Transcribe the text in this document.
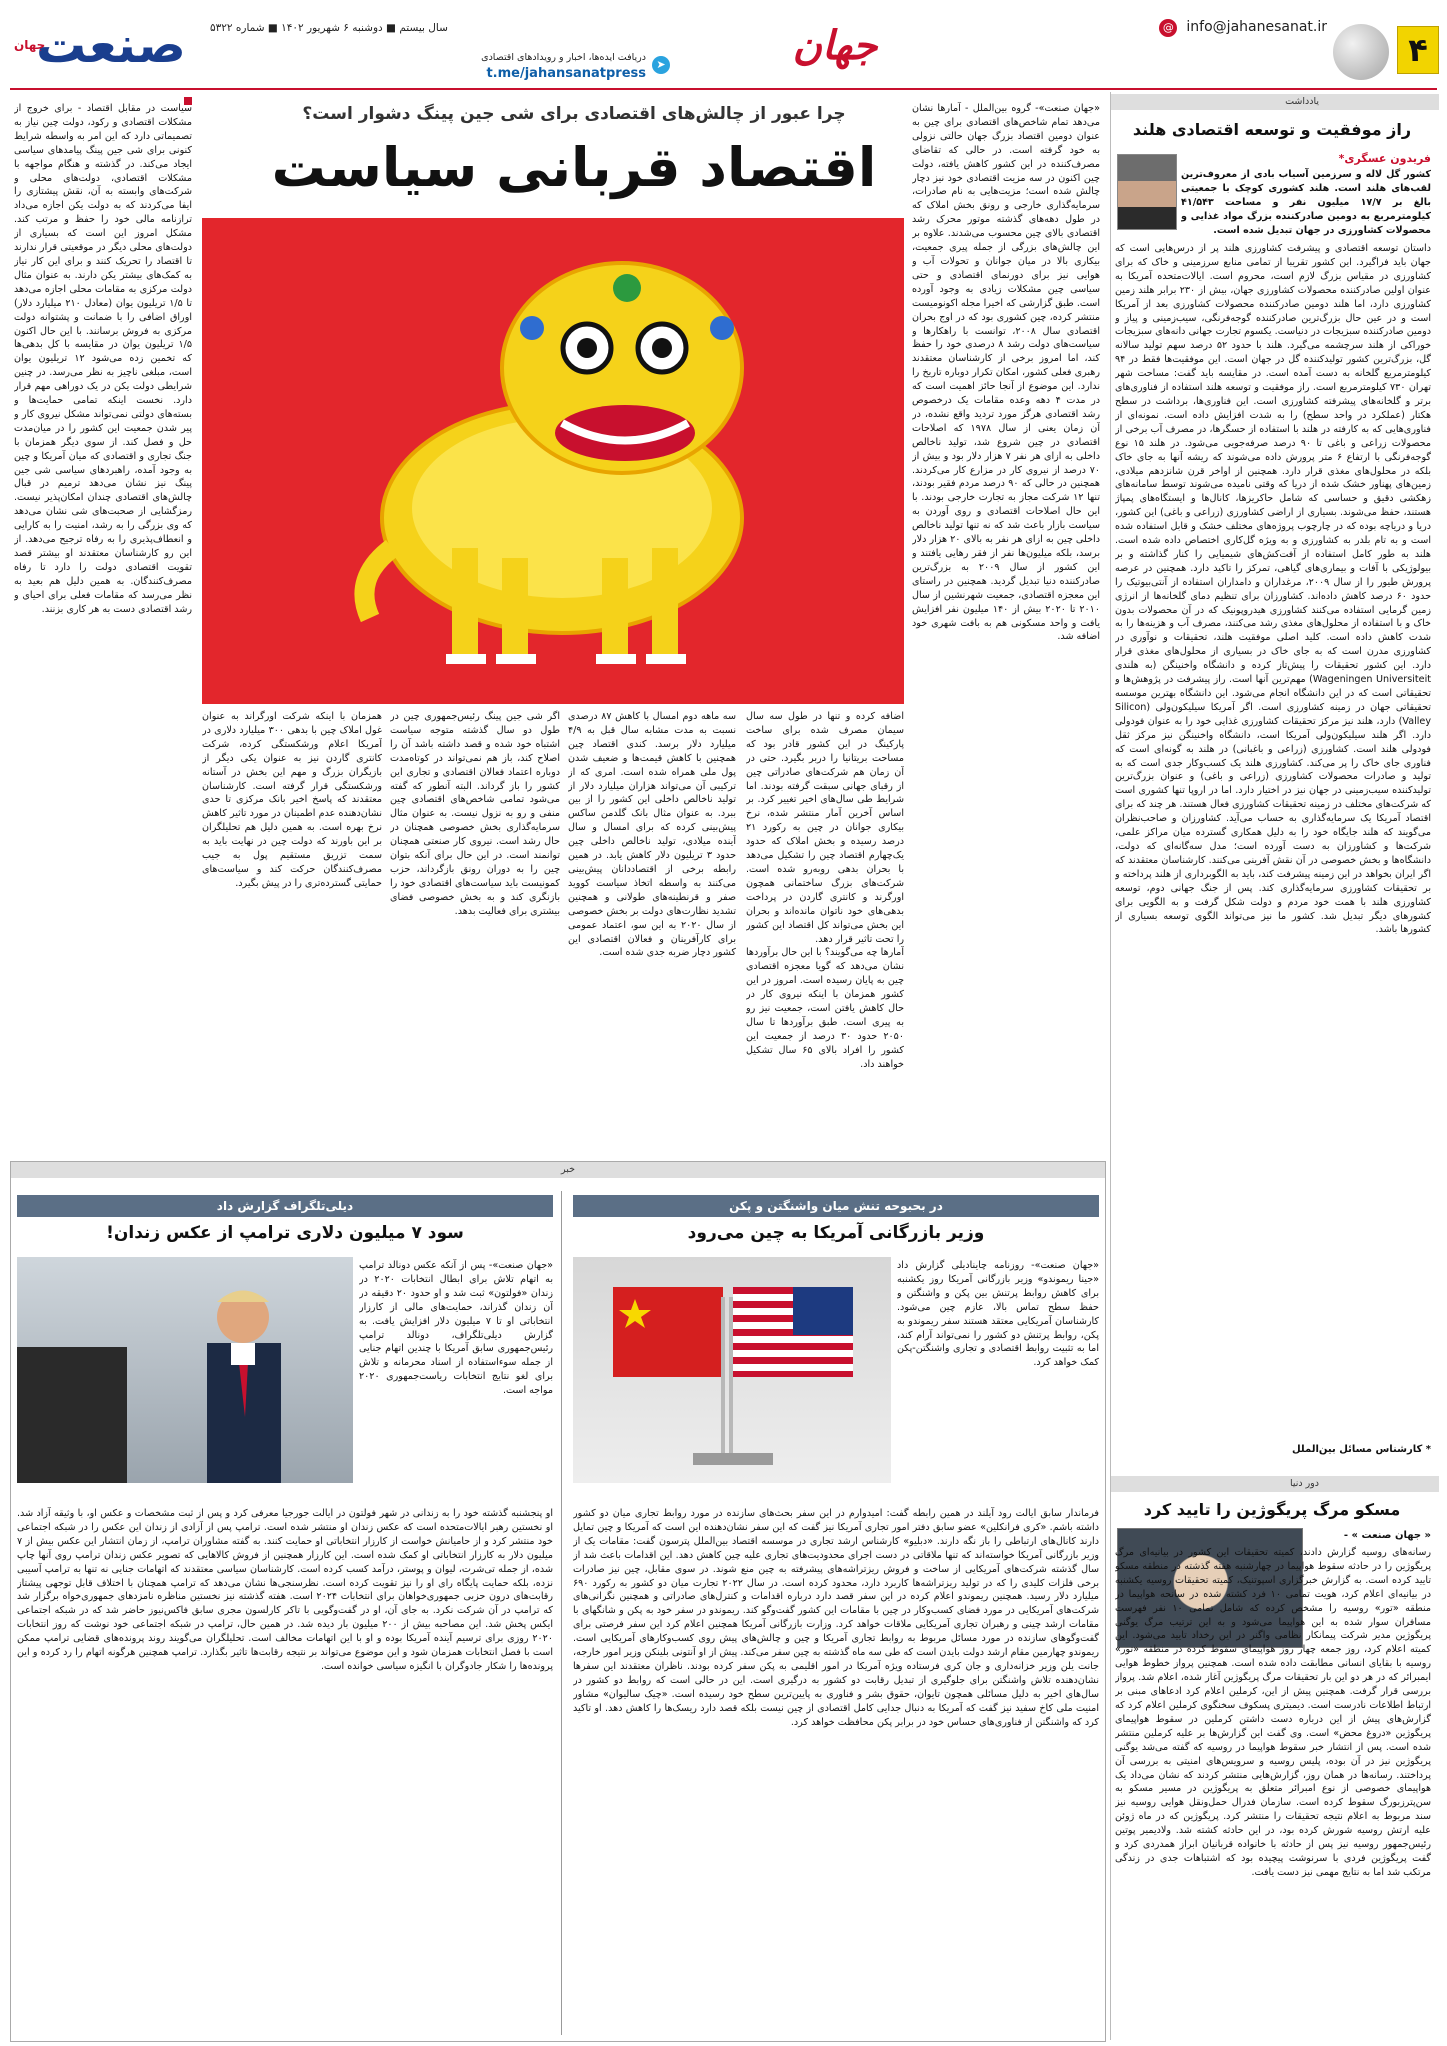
۴
info@jahanesanat.ir @
جهان
دریافت ایده‌ها، اخبار و رویدادهای اقتصادی
t.me/jahansanatpress
➤
سال بیستم ■ دوشنبه ۶ شهریور ۱۴۰۲ ■ شماره ۵۳۲۲
صنعت
جهان
یادداشت
راز موفقیت و توسعه اقتصادی هلند
فریدون عسگری*
کشور گل لاله و سرزمین آسیاب بادی از معروف‌ترین لقب‌های هلند است. هلند کشوری کوچک با جمعیتی بالغ بر ۱۷/۷ میلیون نفر و مساحت ۴۱/۵۴۳ کیلومترمربع به دومین صادرکننده بزرگ مواد غذایی و محصولات کشاورزی در جهان تبدیل شده است.
داستان توسعه اقتصادی و پیشرفت کشاورزی هلند پر از درس‌هایی است که جهان باید فراگیرد. این کشور تقریبا از تمامی منابع سرزمینی و خاک که برای کشاورزی در مقیاس بزرگ لازم است، محروم است. ایالات‌متحده آمریکا به عنوان اولین صادرکننده محصولات کشاورزی جهان، بیش از ۲۳۰ برابر هلند زمین کشاورزی دارد، اما هلند دومین صادرکننده محصولات کشاورزی بعد از آمریکا است و در عین حال بزرگ‌ترین صادرکننده گوجه‌فرنگی، سیب‌زمینی و پیاز و دومین صادرکننده سبزیجات در دنیاست. یکسوم تجارت جهانی دانه‌های سبزیجات خوراکی از هلند سرچشمه می‌گیرد. هلند با حدود ۵۲ درصد سهم تولید سالانه گل، بزرگ‌ترین کشور تولیدکننده گل در جهان است. این موفقیت‌ها فقط در ۹۴ کیلومترمربع گلخانه به دست آمده است. در مقایسه باید گفت: مساحت شهر تهران ۷۳۰ کیلومترمربع است. راز موفقیت و توسعه هلند استفاده از فناوری‌های برتر و گلخانه‌های پیشرفته کشاورزی است. این فناوری‌ها، برداشت در سطح هکتار (عملکرد در واحد سطح) را به شدت افزایش داده است. نمونه‌ای از فناوری‌هایی که به کارفته در هلند با استفاده از حسگرها، در مصرف آب برخی از محصولات زراعی و باغی تا ۹۰ درصد صرفه‌جویی می‌شود. در هلند ۱۵ نوع گوجه‌فرنگی با ارتفاع ۶ متر پرورش داده می‌شوند که ریشه آنها به جای خاک بلکه در محلول‌های مغذی قرار دارد. همچنین از اواخر قرن شانزدهم میلادی، زمین‌های پهناور خشک شده از دریا که وقتی نامیده می‌شوند توسط سامانه‌های زهکشی دقیق و حساسی که شامل حاکریزها، کانال‌ها و ایستگاه‌های پمپاژ هستند، حفظ می‌شوند. بسیاری از اراضی کشاورزی (زراعی و باغی) این کشور، دریا و دریاچه بوده که در چارچوب پروژه‌های مختلف خشک و قابل استفاده شده است و به تام بلدر به کشاورزی و به ویژه گل‌کاری اختصاص داده شده است. هلند به طور کامل استفاده از آفت‌کش‌های شیمیایی را کنار گذاشته و بر بیولوژیکی با آفات و بیماری‌های گیاهی، تمرکز را تاکید دارد. همچنین در عرصه پرورش طیور را از سال ۲۰۰۹، مرغداران و دامداران استفاده از آنتی‌بیوتیک را حدود ۶۰ درصد کاهش داده‌اند. کشاورزان برای تنظیم دمای گلخانه‌ها از انرژی زمین گرمایی استفاده می‌کنند کشاورزی هیدروپونیک که در آن محصولات بدون خاک و با استفاده از محلول‌های مغذی رشد می‌کنند، مصرف آب و هزینه‌ها را به شدت کاهش داده است. کلید اصلی موفقیت هلند، تحقیقات و نوآوری در کشاورزی مدرن است که به جای خاک در بسیاری از محلول‌های مغذی قرار دارد. این کشور تحقیقات را پیش‌تاز کرده و دانشگاه واخنینگن (به هلندی Wageningen Universiteit) مهم‌ترین آنها است. راز پیشرفت در پژوهش‌ها و تحقیقاتی است که در این دانشگاه انجام می‌شود. این دانشگاه بهترین موسسه تحقیقاتی جهان در زمینه کشاورزی است. اگر آمریکا سیلیکون‌ولی (Silicon Valley) دارد، هلند نیز مرکز تحقیقات کشاورزی غذایی خود را به عنوان فودولی دارد. اگر هلند سیلیکون‌ولی آمریکا است، دانشگاه واخنینگن نیز مرکز ثقل فودولی هلند است. کشاورزی (زراعی و باغبانی) در هلند به گونه‌ای است که فناوری جای خاک را پر می‌کند. کشاورزی هلند یک کسب‌وکار جدی است که به تولید و صادرات محصولات کشاورزی (زراعی و باغی) و عنوان بزرگ‌ترین تولیدکننده سیب‌زمینی در جهان نیز در اختیار دارد. اما در اروپا تنها کشوری است که شرکت‌های مختلف در زمینه تحقیقات کشاورزی فعال هستند. هر چند که برای اقتصاد آمریکا یک سرمایه‌گذاری به حساب می‌آید. کشاورزان و صاحب‌نظران می‌گویند که هلند جایگاه خود را به دلیل همکاری گسترده میان مراکز علمی، شرکت‌ها و کشاورزان به دست آورده است؛ مدل سه‌گانه‌ای که دولت، دانشگاه‌ها و بخش خصوصی در آن نقش آفرینی می‌کنند. کارشناسان معتقدند که اگر ایران بخواهد در این زمینه پیشرفت کند، باید به الگوبرداری از هلند پرداخته و بر تحقیقات کشاورزی سرمایه‌گذاری کند. پس از جنگ جهانی دوم، توسعه کشاورزی هلند با همت خود مردم و دولت شکل گرفت و به الگویی برای کشورهای دیگر تبدیل شد. کشور ما نیز می‌تواند الگوی توسعه بسیاری از کشورها باشد.
* کارشناس مسائل بین‌الملل
دور دنیا
مسکو مرگ پریگوژین را تایید کرد
« جهان صنعت » -
رسانه‌های روسیه گزارش دادند، کمیته تحقیقات این کشور در بیانیه‌ای مرگ پریگوژین را در حادثه سقوط هواپیما در چهارشنبه هفته گذشته در منطقه مسکو تایید کرده است. به گزارش خبرگزاری اسپوتنیک، کمیته تحقیقات روسیه یکشنبه در بیانیه‌ای اعلام کرد، هویت تمامی ۱۰ فرد کشته شده در سانحه هواپیما در منطقه «تور» روسیه را مشخص کرده که شامل تمامی ۱۰ نفر فهرست مسافران سوار شده به این هواپیما می‌شود و به این ترتیب مرگ یوگنی پریگوژین مدیر شرکت پیمانکار نظامی واگنر در این رخداد تایید می‌شود. این کمیته اعلام کرد، روز جمعه چهار روز هواپیمای سقوط کرده در منطقه «تور» روسیه با بقایای انسانی مطابقت داده شده است. همچنین پرواز خطوط هوایی ایمبرائر که در هر دو این بار تحقیقات مرگ پریگوژین آغاز شده، اعلام شد. پرواز بررسی قرار گرفت. همچنین پیش از این، کرملین اعلام کرد ادعاهای مبنی بر ارتباط اطلاعات نادرست است. دیمیتری پسکوف سخنگوی کرملین اعلام کرد که گزارش‌های پیش از این درباره دست داشتن کرملین در سقوط هواپیمای پریگوژین «دروغ محض» است. وی گفت این گزارش‌ها بر علیه کرملین منتشر شده است. پس از انتشار خبر سقوط هواپیما در روسیه که گفته می‌شد یوگنی پریگوژین نیز در آن بوده، پلیس روسیه و سرویس‌های امنیتی به بررسی آن پرداختند. رسانه‌ها در همان روز، گزارش‌هایی منتشر کردند که نشان می‌داد یک هواپیمای خصوصی از نوع امبرائر متعلق به پریگوژین در مسیر مسکو به سن‌پترزبورگ سقوط کرده است. سازمان فدرال حمل‌ونقل هوایی روسیه نیز سند مربوط به اعلام نتیجه تحقیقات را منتشر کرد. پریگوژین که در ماه ژوئن علیه ارتش روسیه شورش کرده بود، در این حادثه کشته شد. ولادیمیر پوتین رئیس‌جمهور روسیه نیز پس از حادثه با خانواده قربانیان ابراز همدردی کرد و گفت پریگوژین فردی با سرنوشت پیچیده بود که اشتباهات جدی در زندگی مرتکب شد اما به نتایج مهمی نیز دست یافت.
چرا عبور از چالش‌های اقتصادی برای شی جین پینگ دشوار است؟
اقتصاد قربانی سیاست
«جهان صنعت»- گروه بین‌الملل - آمارها نشان می‌دهد تمام شاخص‌های اقتصادی برای چین به عنوان دومین اقتصاد بزرگ جهان حالتی نزولی به خود گرفته است. در حالی که تقاضای مصرف‌کننده در این کشور کاهش یافته، دولت چین اکنون در سه مزیت اقتصادی خود نیز دچار چالش شده است؛ مزیت‌هایی به نام صادرات، سرمایه‌گذاری خارجی و رونق بخش املاک که در طول دهه‌های گذشته موتور محرک رشد اقتصادی بالای چین محسوب می‌شدند. علاوه بر این چالش‌های بزرگی از جمله پیری جمعیت، بیکاری بالا در میان جوانان و تحولات آب و هوایی نیز برای دورنمای اقتصادی و حتی سیاسی چین مشکلات زیادی به وجود آورده است. طبق گزارشی که اخیرا مجله اکونومیست منتشر کرده، چین کشوری بود که در اوج بحران اقتصادی سال ۲۰۰۸، توانست با راهکارها و سیاست‌های دولت رشد ۸ درصدی خود را حفظ کند، اما امروز برخی از کارشناسان معتقدند رهبری فعلی کشور، امکان تکرار دوباره تاریخ را ندارد. این موضوع از آنجا حائز اهمیت است که در مدت ۴ دهه وعده مقامات یک درخصوص رشد اقتصادی هرگز مورد تردید واقع نشده، در آن زمان یعنی از سال ۱۹۷۸ که اصلاحات اقتصادی در چین شروع شد، تولید ناخالص داخلی به ازای هر نفر ۷ هزار دلار بود و بیش از ۷۰ درصد از نیروی کار در مزارع کار می‌کردند. همچنین در حالی که ۹۰ درصد مردم فقیر بودند، تنها ۱۲ شرکت مجاز به تجارت خارجی بودند. با این حال اصلاحات اقتصادی و روی آوردن به سیاست بازار باعث شد که نه تنها تولید ناخالص داخلی چین به ازای هر نفر به بالای ۲۰ هزار دلار برسد، بلکه میلیون‌ها نفر از فقر رهایی یافتند و این کشور از سال ۲۰۰۹ به بزرگ‌ترین صادرکننده دنیا تبدیل گردید. همچنین در راستای این معجزه اقتصادی، جمعیت شهرنشین از سال ۲۰۱۰ تا ۲۰۲۰ بیش از ۱۴۰ میلیون نفر افزایش یافت و واحد مسکونی هم به بافت شهری خود اضافه شد.
اضافه کرده و تنها در طول سه سال سیمان مصرف شده برای ساخت پارکینگ در این کشور قادر بود که مساحت بریتانیا را دربر بگیرد. حتی در آن زمان هم شرکت‌های صادراتی چین از رقبای جهانی سبقت گرفته بودند. اما شرایط طی سال‌های اخیر تغییر کرد. بر اساس آخرین آمار منتشر شده، نرخ بیکاری جوانان در چین به رکورد ۲۱ درصد رسیده و بخش املاک که حدود یک‌چهارم اقتصاد چین را تشکیل می‌دهد با بحران بدهی روبه‌رو شده است. شرکت‌های بزرگ ساختمانی همچون اورگرند و کانتری گاردن در پرداخت بدهی‌های خود ناتوان مانده‌اند و بحران این بخش می‌تواند کل اقتصاد این کشور را تحت تاثیر قرار دهد.
آمارها چه می‌گویند؟ با این حال برآوردها نشان می‌دهد که گویا معجزه اقتصادی چین به پایان رسیده است. امروز در این کشور همزمان با اینکه نیروی کار در حال کاهش یافتن است، جمعیت نیز رو به پیری است. طبق برآوردها تا سال ۲۰۵۰ حدود ۳۰ درصد از جمعیت این کشور را افراد بالای ۶۵ سال تشکیل خواهند داد.
سه ماهه دوم امسال با کاهش ۸۷ درصدی نسبت به مدت مشابه سال قبل به ۴/۹ میلیارد دلار برسد. کندی اقتصاد چین همچنین با کاهش قیمت‌ها و ضعیف شدن پول ملی همراه شده است. امری که از ترکیبی آن می‌تواند هزاران میلیارد دلار از تولید ناخالص داخلی این کشور را از بین ببرد. به عنوان مثال بانک گلدمن ساکس پیش‌بینی کرده که برای امسال و سال آینده میلادی، تولید ناخالص داخلی چین حدود ۳ تریلیون دلار کاهش یابد. در همین رابطه برخی از اقتصاددانان پیش‌بینی می‌کنند به واسطه اتخاذ سیاست کووید صفر و قرنطینه‌های طولانی و همچنین تشدید نظارت‌های دولت بر بخش خصوصی از سال ۲۰۲۰ به این سو، اعتماد عمومی برای کارآفرینان و فعالان اقتصادی این کشور دچار ضربه جدی شده است.
اگر شی جین پینگ رئیس‌جمهوری چین در طول دو سال گذشته متوجه سیاست اشتباه خود شده و قصد داشته باشد آن را اصلاح کند، باز هم نمی‌تواند در کوتاه‌مدت دوباره اعتماد فعالان اقتصادی و تجاری این کشور را باز گرداند. البته آنطور که گفته می‌شود تمامی شاخص‌های اقتصادی چین منفی و رو به نزول نیست. به عنوان مثال سرمایه‌گذاری بخش خصوصی همچنان در حال رشد است. نیروی کار صنعتی همچنان توانمند است. در این حال برای آنکه بتوان چین را به دوران رونق بازگرداند، حزب کمونیست باید سیاست‌های اقتصادی خود را بازنگری کند و به بخش خصوصی فضای بیشتری برای فعالیت بدهد.
همزمان با اینکه شرکت اورگراند به عنوان غول املاک چین با بدهی ۳۰۰ میلیارد دلاری در آمریکا اعلام ورشکستگی کرده، شرکت کانتری گاردن نیز به عنوان یکی دیگر از بازیگران بزرگ و مهم این بخش در آستانه ورشکستگی قرار گرفته است. کارشناسان معتقدند که پاسخ اخیر بانک مرکزی تا حدی نشان‌دهنده عدم اطمینان در مورد تاثیر کاهش نرخ بهره است. به همین دلیل هم تحلیلگران بر این باورند که دولت چین در نهایت باید به سمت تزریق مستقیم پول به جیب مصرف‌کنندگان حرکت کند و سیاست‌های حمایتی گسترده‌تری را در پیش بگیرد.
سیاست در مقابل اقتصاد - برای خروج از مشکلات اقتصادی و رکود، دولت چین نیاز به تصمیماتی دارد که این امر به واسطه شرایط کنونی برای شی جین پینگ پیامدهای سیاسی ایجاد می‌کند. در گذشته و هنگام مواجهه با مشکلات اقتصادی، دولت‌های محلی و شرکت‌های وابسته به آن، نقش پیشتازی را ایفا می‌کردند که به دولت یکن اجازه می‌داد ترازنامه مالی خود را حفظ و مرتب کند. مشکل امروز این است که بسیاری از دولت‌های محلی دیگر در موقعیتی قرار ندارند تا اقتصاد را تحریک کنند و برای این کار نیاز به کمک‌های بیشتر یکن دارند. به عنوان مثال دولت مرکزی به مقامات محلی اجازه می‌دهد تا ۱/۵ تریلیون یوان (معادل ۲۱۰ میلیارد دلار) اوراق اضافی را با ضمانت و پشتوانه دولت مرکزی به فروش برسانند. با این حال اکنون ۱/۵ تریلیون یوان در مقایسه با کل بدهی‌ها که تخمین زده می‌شود ۱۲ تریلیون یوان است، مبلغی ناچیز به نظر می‌رسد. در چنین شرایطی دولت یکن در یک دوراهی مهم قرار دارد. نخست اینکه تمامی حمایت‌ها و بسته‌های دولتی نمی‌تواند مشکل نیروی کار و پیر شدن جمعیت این کشور را در میان‌مدت حل و فصل کند. از سوی دیگر همزمان با جنگ تجاری و اقتصادی که میان آمریکا و چین به وجود آمده، راهبردهای سیاسی شی جین پینگ نیز نشان می‌دهد ترمیم در قبال چالش‌های اقتصادی چندان امکان‌پذیر نیست. رمزگشایی از صحبت‌های شی نشان می‌دهد که وی بزرگی را به رشد، امنیت را به کارایی و انعطاف‌پذیری را به رفاه ترجیح می‌دهد. از این رو کارشناسان معتقدند او بیشتر قصد تقویت اقتصادی دولت را دارد تا رفاه مصرف‌کنندگان. به همین دلیل هم بعید به نظر می‌رسد که مقامات فعلی برای احیای و رشد اقتصادی دست به هر کاری بزنند.
خبر
در بحبوحه تنش میان واشنگتن و پکن
وزیر بازرگانی آمریکا به چین می‌رود
«جهان صنعت»- روزنامه چاینادیلی گزارش داد «جینا ریموندو» وزیر بازرگانی آمریکا روز یکشنبه برای کاهش روابط پرتنش بین پکن و واشنگتن و حفظ سطح تماس بالا، عازم چین می‌شود. کارشناسان آمریکایی معتقد هستند سفر ریموندو به پکن، روابط پرتنش دو کشور را نمی‌تواند آرام کند، اما به تثبیت روابط اقتصادی و تجاری واشنگتن-پکن کمک خواهد کرد.
فرماندار سابق ایالت رود آیلند در همین رابطه گفت: امیدوارم در این سفر بحث‌های سازنده در مورد روابط تجاری میان دو کشور داشته باشم. «کری فرانکلین» عضو سابق دفتر امور تجاری آمریکا نیز گفت که این سفر نشان‌دهنده این است که آمریکا و چین تمایل دارند کانال‌های ارتباطی را باز نگه دارند. «دبلیو» کارشناس ارشد تجاری در موسسه اقتصاد بین‌الملل پترسون گفت: مقامات یک از وزیر بازرگانی آمریکا خواسته‌اند که تنها ملاقاتی در دست اجرای محدودیت‌های تجاری علیه چین کاهش دهد. این اقدامات باعث شد از سال گذشته شرکت‌های آمریکایی از ساخت و فروش ریزتراشه‌های پیشرفته به چین منع شوند. در سوی مقابل، چین نیز صادرات برخی فلزات کلیدی را که در تولید ریزتراشه‌ها کاربرد دارد، محدود کرده است. در سال ۲۰۲۲ تجارت میان دو کشور به رکورد ۶۹۰ میلیارد دلار رسید. همچنین ریموندو اعلام کرده در این سفر قصد دارد درباره اقدامات و کنترل‌های صادراتی و همچنین نگرانی‌های شرکت‌های آمریکایی در مورد فضای کسب‌وکار در چین با مقامات این کشور گفت‌وگو کند. ریموندو در سفر خود به پکن و شانگهای با مقامات ارشد چینی و رهبران تجاری آمریکایی ملاقات خواهد کرد. وزارت بازرگانی آمریکا همچنین اعلام کرد این سفر فرصتی برای گفت‌وگوهای سازنده در مورد مسائل مربوط به روابط تجاری آمریکا و چین و چالش‌های پیش روی کسب‌وکارهای آمریکایی است. ریموندو چهارمین مقام ارشد دولت بایدن است که طی سه ماه گذشته به چین سفر می‌کند. پیش از او آنتونی بلینکن وزیر امور خارجه، جانت یلن وزیر خزانه‌داری و جان کری فرستاده ویژه آمریکا در امور اقلیمی به پکن سفر کرده بودند. ناظران معتقدند این سفرها نشان‌دهنده تلاش واشنگتن برای جلوگیری از تبدیل رقابت دو کشور به درگیری است. این در حالی است که روابط دو کشور در سال‌های اخیر به دلیل مسائلی همچون تایوان، حقوق بشر و فناوری به پایین‌ترین سطح خود رسیده است. «چیک سالیوان» مشاور امنیت ملی کاخ سفید نیز گفت که آمریکا به دنبال جدایی کامل اقتصادی از چین نیست بلکه قصد دارد ریسک‌ها را کاهش دهد. او تاکید کرد که واشنگتن از فناوری‌های حساس خود در برابر پکن محافظت خواهد کرد.
دیلی‌تلگراف گزارش داد
سود ۷ میلیون دلاری ترامپ از عکس زندان!
«جهان صنعت»- پس از آنکه عکس دونالد ترامپ به اتهام تلاش برای ابطال انتخابات ۲۰۲۰ در زندان «فولتون» ثبت شد و او حدود ۲۰ دقیقه در آن زندان گذراند، حمایت‌های مالی از کارزار انتخاباتی او تا ۷ میلیون دلار افزایش یافت. به گزارش دیلی‌تلگراف، دونالد ترامپ رئیس‌جمهوری سابق آمریکا با چندین اتهام جنایی از جمله سوءاستفاده از اسناد محرمانه و تلاش برای لغو نتایج انتخابات ریاست‌جمهوری ۲۰۲۰ مواجه است.
او پنجشنبه گذشته خود را به زندانی در شهر فولتون در ایالت جورجیا معرفی کرد و پس از ثبت مشخصات و عکس او، با وثیقه آزاد شد. او نخستین رهبر ایالات‌متحده است که عکس زندان او منتشر شده است. ترامپ پس از آزادی از زندان این عکس را در شبکه اجتماعی خود منتشر کرد و از حامیانش خواست از کارزار انتخاباتی او حمایت کنند. به گفته مشاوران ترامپ، از زمان انتشار این عکس بیش از ۷ میلیون دلار به کارزار انتخاباتی او کمک شده است. این کارزار همچنین از فروش کالاهایی که تصویر عکس زندان ترامپ روی آنها چاپ شده، از جمله تی‌شرت، لیوان و پوستر، درآمد کسب کرده است. کارشناسان سیاسی معتقدند که اتهامات جنایی نه تنها به ترامپ آسیبی نزده، بلکه حمایت پایگاه رای او را نیز تقویت کرده است. نظرسنجی‌ها نشان می‌دهد که ترامپ همچنان با اختلاف قابل توجهی پیشتاز رقابت‌های درون حزبی جمهوری‌خواهان برای انتخابات ۲۰۲۴ است. هفته گذشته نیز نخستین مناظره نامزدهای جمهوری‌خواه برگزار شد که ترامپ در آن شرکت نکرد. به جای آن، او در گفت‌وگویی با تاکر کارلسون مجری سابق فاکس‌نیوز حاضر شد که در شبکه اجتماعی ایکس پخش شد. این مصاحبه بیش از ۲۰۰ میلیون بار دیده شد. در همین حال، ترامپ در شبکه اجتماعی خود نوشت که روز انتخابات ۲۰۲۰ روزی برای ترسیم آینده آمریکا بوده و او با این اتهامات مخالف است. تحلیلگران می‌گویند روند پرونده‌های قضایی ترامپ ممکن است با فصل انتخابات همزمان شود و این موضوع می‌تواند بر نتیجه رقابت‌ها تاثیر بگذارد. ترامپ همچنین هرگونه اتهام را رد کرده و این پرونده‌ها را شکار جادوگران با انگیزه سیاسی خوانده است.
